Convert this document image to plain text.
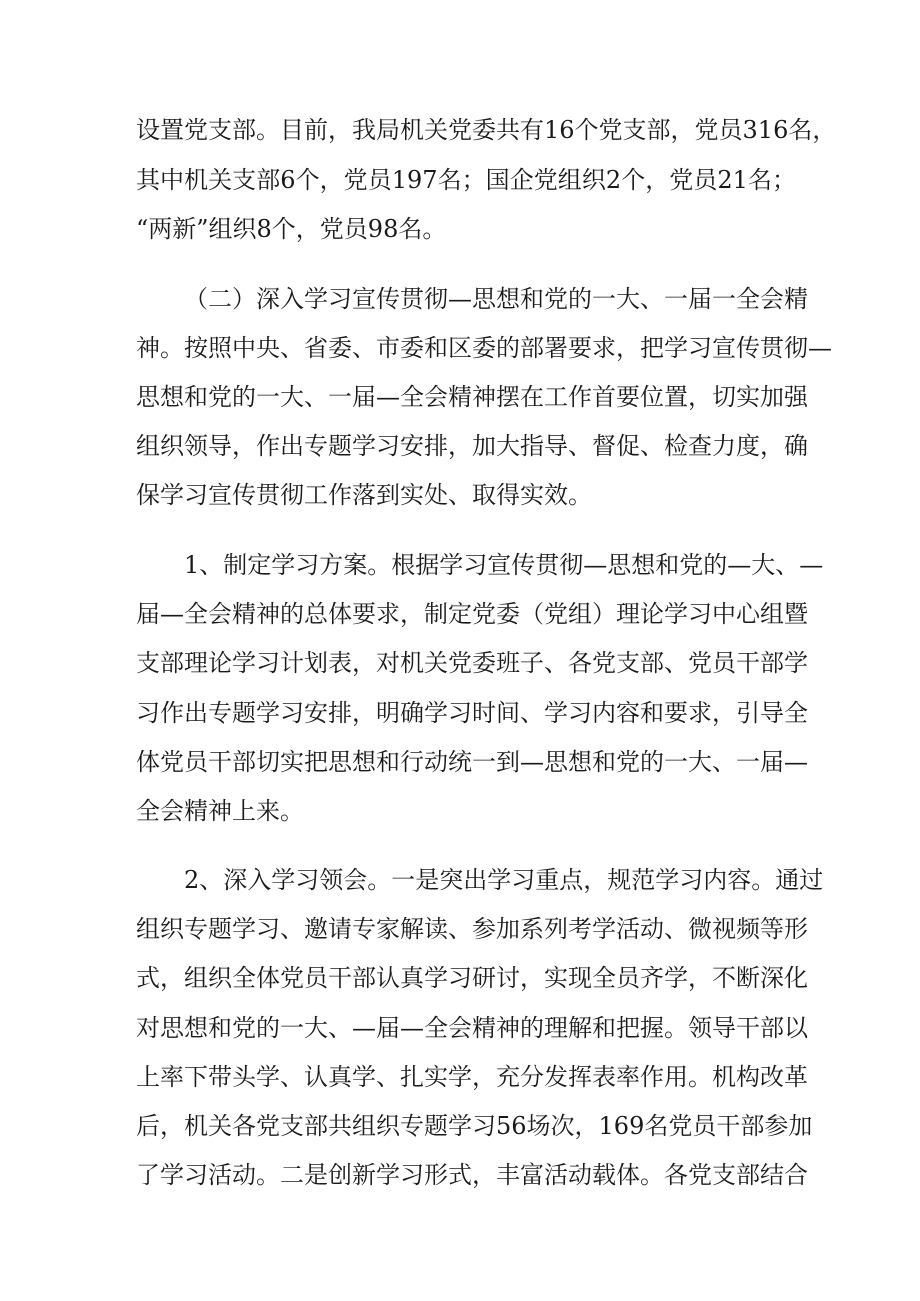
设置党支部。目前，我局机关党委共有16个党支部，党员316名，
其中机关支部6个，党员197名；国企党组织2个，党员21名；
“两新”组织8个，党员98名。
（二）深入学习宣传贯彻—思想和党的一大、一届一全会精
神。按照中央、省委、市委和区委的部署要求，把学习宣传贯彻—
思想和党的一大、一届—全会精神摆在工作首要位置，切实加强
组织领导，作出专题学习安排，加大指导、督促、检查力度，确
保学习宣传贯彻工作落到实处、取得实效。
1、制定学习方案。根据学习宣传贯彻—思想和党的—大、—
届—全会精神的总体要求，制定党委（党组）理论学习中心组暨
支部理论学习计划表，对机关党委班子、各党支部、党员干部学
习作出专题学习安排，明确学习时间、学习内容和要求，引导全
体党员干部切实把思想和行动统一到—思想和党的一大、一届—
全会精神上来。
2、深入学习领会。一是突出学习重点，规范学习内容。通过
组织专题学习、邀请专家解读、参加系列考学活动、微视频等形
式，组织全体党员干部认真学习研讨，实现全员齐学，不断深化
对思想和党的一大、—届—全会精神的理解和把握。领导干部以
上率下带头学、认真学、扎实学，充分发挥表率作用。机构改革
后，机关各党支部共组织专题学习56场次，169名党员干部参加
了学习活动。二是创新学习形式，丰富活动载体。各党支部结合
